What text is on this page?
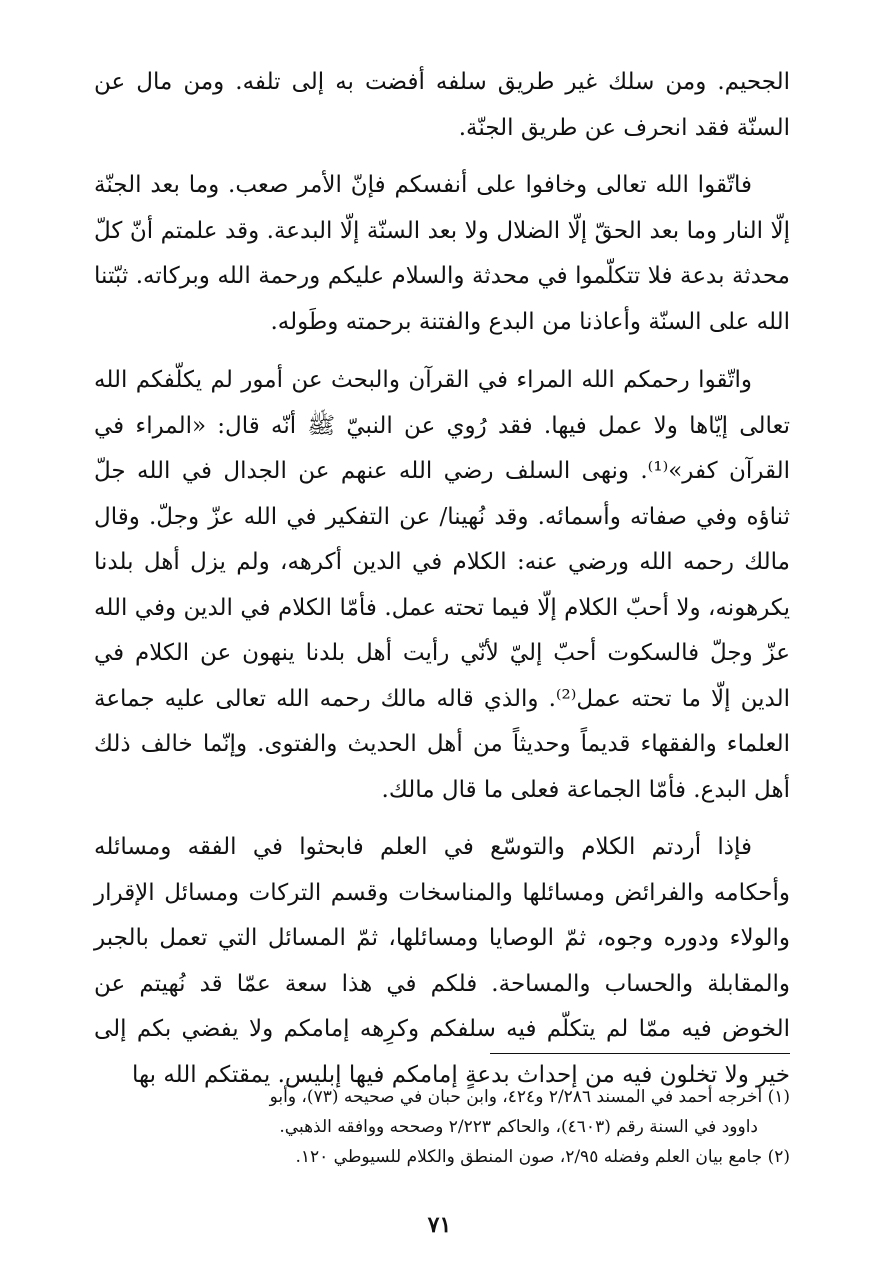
الجحيم. ومن سلك غير طريق سلفه أفضت به إلى تلفه. ومن مال عن السنّة فقد انحرف عن طريق الجنّة.

فاتّقوا الله تعالى وخافوا على أنفسكم فإنّ الأمر صعب. وما بعد الجنّة إلّا النار وما بعد الحقّ إلّا الضلال ولا بعد السنّة إلّا البدعة. وقد علمتم أنّ كلّ محدثة بدعة فلا تتكلّموا في محدثة والسلام عليكم ورحمة الله وبركاته. ثبّتنا الله على السنّة وأعاذنا من البدع والفتنة برحمته وطَوله.

واتّقوا رحمكم الله المراء في القرآن والبحث عن أمور لم يكلّفكم الله تعالى إيّاها ولا عمل فيها. فقد رُوي عن النبيّ ﷺ أنّه قال: «المراء في القرآن كفر»⁽¹⁾. ونهى السلف رضي الله عنهم عن الجدال في الله جلّ ثناؤه وفي صفاته وأسمائه. وقد نُهينا/ عن التفكير في الله عزّ وجلّ. وقال مالك رحمه الله ورضي عنه: الكلام في الدين أكرهه، ولم يزل أهل بلدنا يكرهونه، ولا أحبّ الكلام إلّا فيما تحته عمل. فأمّا الكلام في الدين وفي الله عزّ وجلّ فالسكوت أحبّ إليّ لأنّي رأيت أهل بلدنا ينهون عن الكلام في الدين إلّا ما تحته عمل⁽²⁾. والذي قاله مالك رحمه الله تعالى عليه جماعة العلماء والفقهاء قديماً وحديثاً من أهل الحديث والفتوى. وإنّما خالف ذلك أهل البدع. فأمّا الجماعة فعلى ما قال مالك.

فإذا أردتم الكلام والتوسّع في العلم فابحثوا في الفقه ومسائله وأحكامه والفرائض ومسائلها والمناسخات وقسم التركات ومسائل الإقرار والولاء ودوره وجوه، ثمّ الوصايا ومسائلها، ثمّ المسائل التي تعمل بالجبر والمقابلة والحساب والمساحة. فلكم في هذا سعة عمّا قد نُهيتم عن الخوض فيه ممّا لم يتكلّم فيه سلفكم وكرِهه إمامكم ولا يفضي بكم إلى خير ولا تخلون فيه من إحداث بدعةٍ إمامكم فيها إبليس. يمقتكم الله بها

(١) أخرجه أحمد في المسند ٢/٢٨٦ و٤٢٤، وابن حبان في صحيحه (٧٣)، وأبو

داوود في السنة رقم (٤٦٠٣)، والحاكم ٢/٢٢٣ وصححه ووافقه الذهبي.

(٢) جامع بيان العلم وفضله ٢/٩٥، صون المنطق والكلام للسيوطي ١٢٠.

٧١
